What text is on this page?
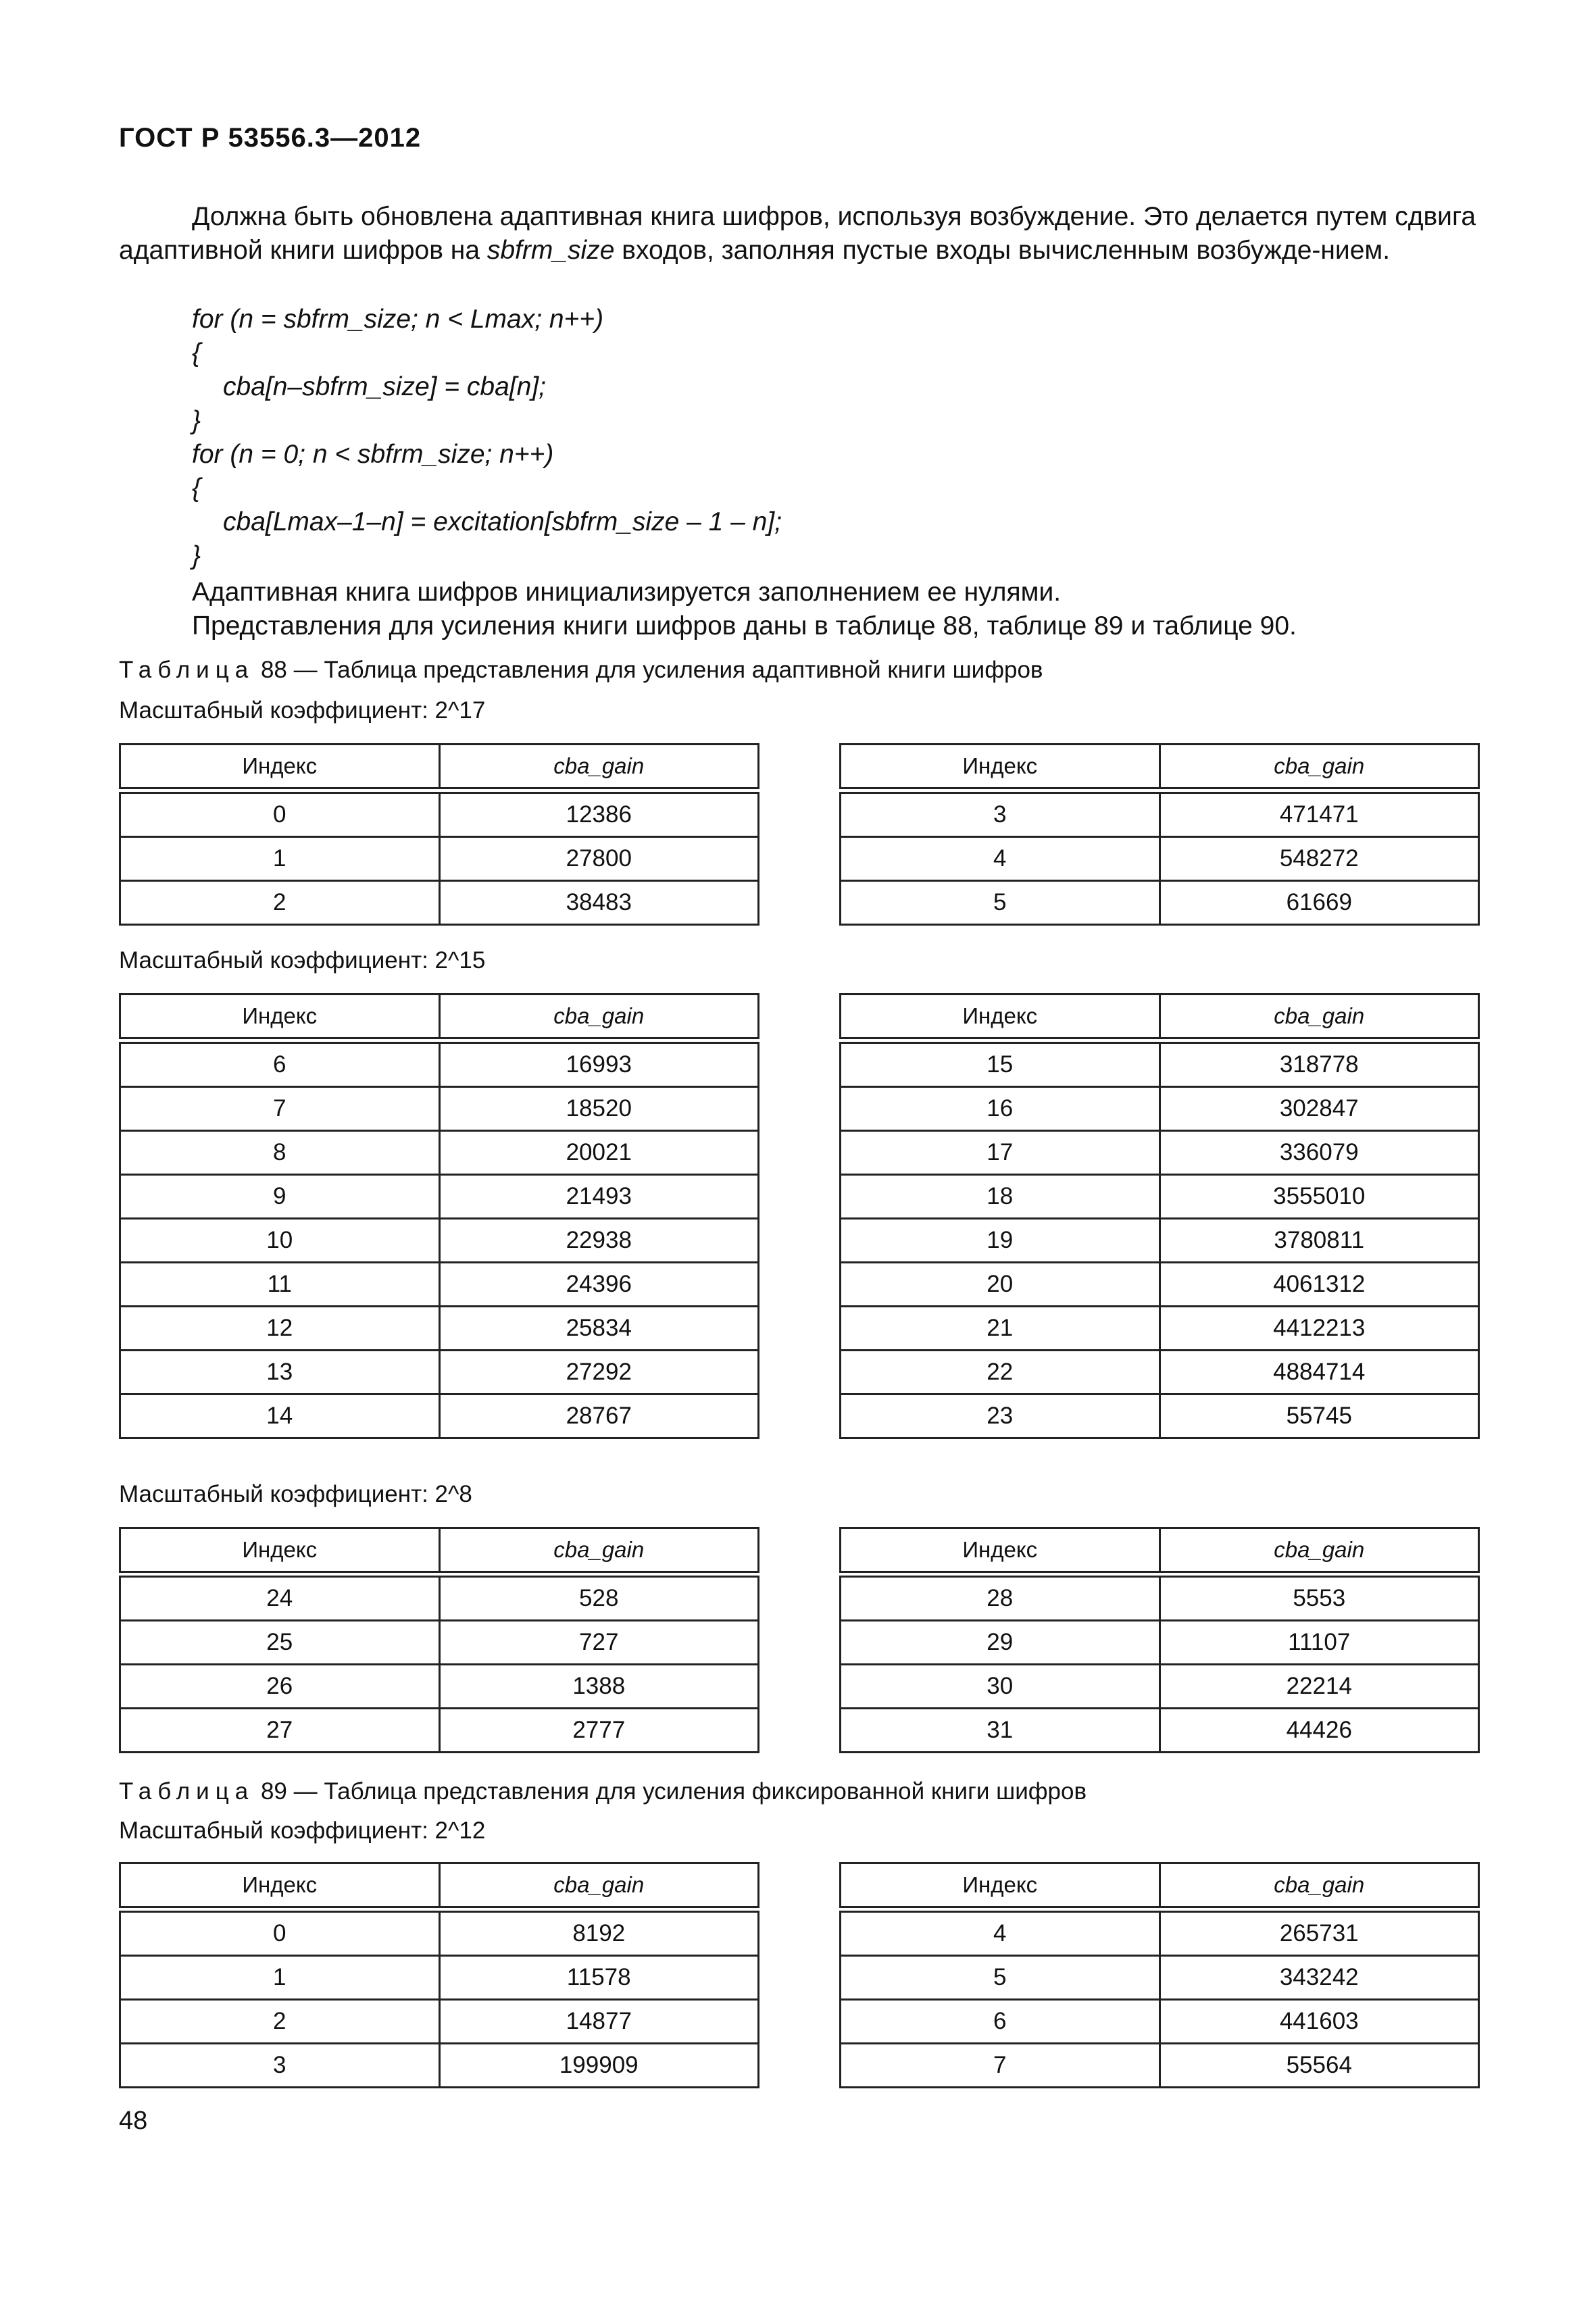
ГОСТ Р 53556.3—2012
Должна быть обновлена адаптивная книга шифров, используя возбуждение. Это делается путем сдвига адаптивной книги шифров на sbfrm_size входов, заполняя пустые входы вычисленным возбужде-нием.
for (n = sbfrm_size; n < Lmax; n++)
{
cba[n–sbfrm_size] = cba[n];
}
for (n = 0; n < sbfrm_size; n++)
{
cba[Lmax–1–n] = excitation[sbfrm_size – 1 – n];
}
Адаптивная книга шифров инициализируется заполнением ее нулями.
Представления для усиления книги шифров даны в таблице 88, таблице 89 и таблице 90.
Таблица 88 — Таблица представления для усиления адаптивной книги шифров
Масштабный коэффициент: 2^17
Индекс	cba_gain
0	12386
1	27800
2	38483
Индекс	cba_gain
3	471471
4	548272
5	61669
Масштабный коэффициент: 2^15
Индекс	cba_gain
6	16993
7	18520
8	20021
9	21493
10	22938
11	24396
12	25834
13	27292
14	28767
Индекс	cba_gain
15	318778
16	302847
17	336079
18	3555010
19	3780811
20	4061312
21	4412213
22	4884714
23	55745
Масштабный коэффициент: 2^8
Индекс	cba_gain
24	528
25	727
26	1388
27	2777
Индекс	cba_gain
28	5553
29	11107
30	22214
31	44426
Таблица 89 — Таблица представления для усиления фиксированной книги шифров
Масштабный коэффициент: 2^12
Индекс	cba_gain
0	8192
1	11578
2	14877
3	199909
Индекс	cba_gain
4	265731
5	343242
6	441603
7	55564
48
